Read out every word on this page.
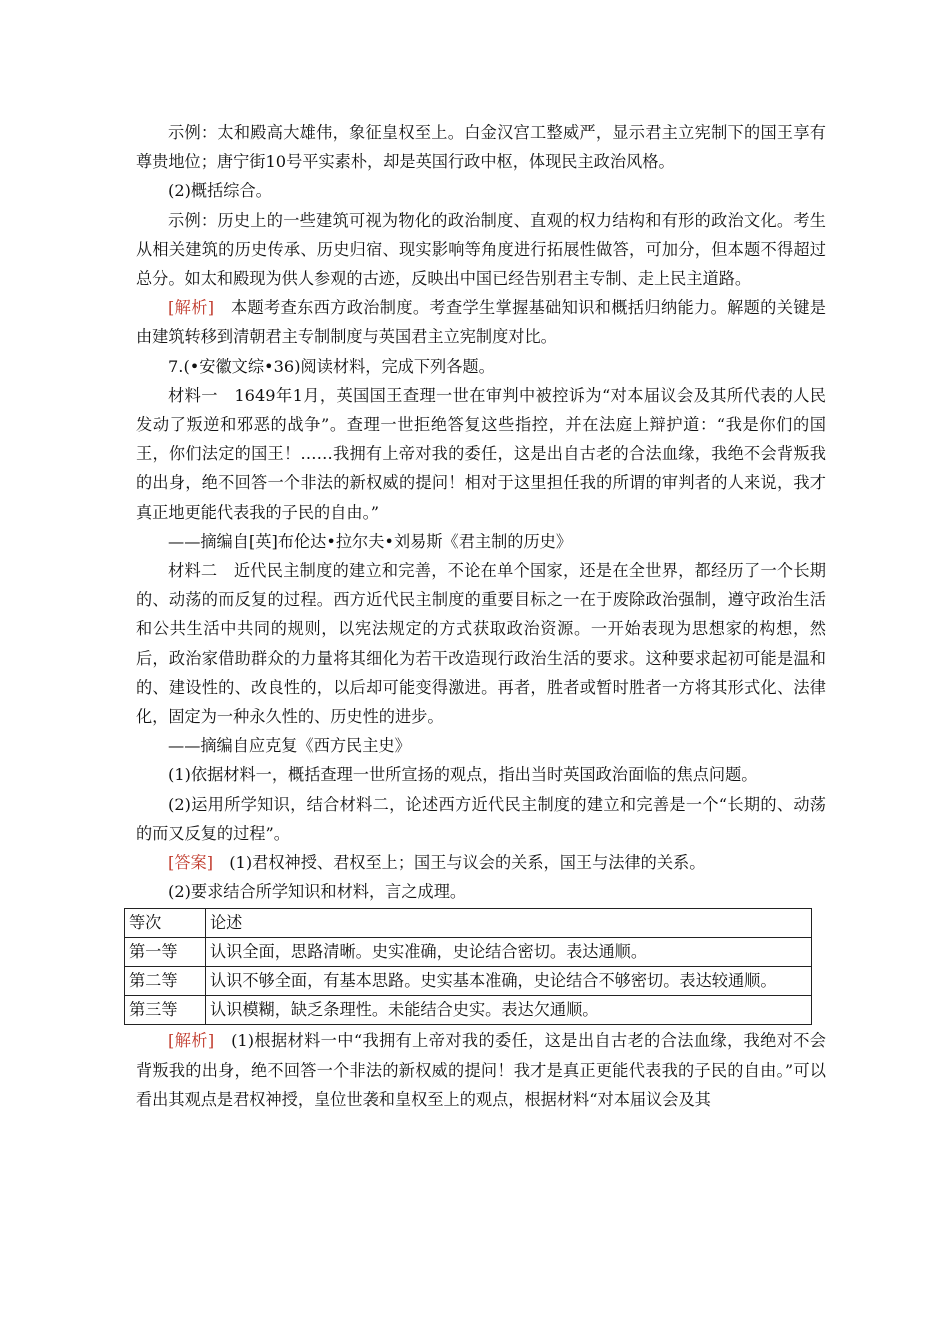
示例：太和殿高大雄伟，象征皇权至上。白金汉宫工整威严，显示君主立宪制下的国王享有尊贵地位；唐宁街10号平实素朴，却是英国行政中枢，体现民主政治风格。

(2)概括综合。

示例：历史上的一些建筑可视为物化的政治制度、直观的权力结构和有形的政治文化。考生从相关建筑的历史传承、历史归宿、现实影响等角度进行拓展性做答，可加分，但本题不得超过总分。如太和殿现为供人参观的古迹，反映出中国已经告别君主专制、走上民主道路。

[解析]　本题考查东西方政治制度。考查学生掌握基础知识和概括归纳能力。解题的关键是由建筑转移到清朝君主专制制度与英国君主立宪制度对比。

7.(•安徽文综•36)阅读材料，完成下列各题。

材料一　1649年1月，英国国王查理一世在审判中被控诉为“对本届议会及其所代表的人民发动了叛逆和邪恶的战争”。查理一世拒绝答复这些指控，并在法庭上辩护道：“我是你们的国王，你们法定的国王！……我拥有上帝对我的委任，这是出自古老的合法血缘，我绝不会背叛我的出身，绝不回答一个非法的新权威的提问！相对于这里担任我的所谓的审判者的人来说，我才真正地更能代表我的子民的自由。”

——摘编自[英]布伦达•拉尔夫•刘易斯《君主制的历史》

材料二　近代民主制度的建立和完善，不论在单个国家，还是在全世界，都经历了一个长期的、动荡的而反复的过程。西方近代民主制度的重要目标之一在于废除政治强制，遵守政治生活和公共生活中共同的规则，以宪法规定的方式获取政治资源。一开始表现为思想家的构想，然后，政治家借助群众的力量将其细化为若干改造现行政治生活的要求。这种要求起初可能是温和的、建设性的、改良性的，以后却可能变得激进。再者，胜者或暂时胜者一方将其形式化、法律化，固定为一种永久性的、历史性的进步。

——摘编自应克复《西方民主史》

(1)依据材料一，概括查理一世所宣扬的观点，指出当时英国政治面临的焦点问题。

(2)运用所学知识，结合材料二，论述西方近代民主制度的建立和完善是一个“长期的、动荡的而又反复的过程”。

[答案]　(1)君权神授、君权至上；国王与议会的关系，国王与法律的关系。

(2)要求结合所学知识和材料，言之成理。

等次	论述
第一等	认识全面，思路清晰。史实准确，史论结合密切。表达通顺。
第二等	认识不够全面，有基本思路。史实基本准确，史论结合不够密切。表达较通顺。
第三等	认识模糊，缺乏条理性。未能结合史实。表达欠通顺。

[解析]　(1)根据材料一中“我拥有上帝对我的委任，这是出自古老的合法血缘，我绝对不会背叛我的出身，绝不回答一个非法的新权威的提问！我才是真正更能代表我的子民的自由。”可以看出其观点是君权神授，皇位世袭和皇权至上的观点，根据材料“对本届议会及其
